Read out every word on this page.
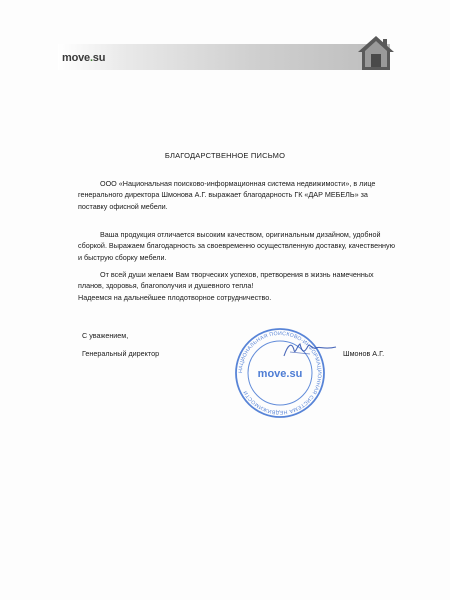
move.su
БЛАГОДАРСТВЕННОЕ ПИСЬМО

ООО «Национальная поисково-информационная система недвижимости», в лице генерального директора Шмонова А.Г. выражает благодарность ГК «ДАР МЕБЕЛЬ» за поставку офисной мебели.

Ваша продукция отличается высоким качеством, оригинальным дизайном, удобной сборкой. Выражаем благодарность за своевременно осуществленную доставку, качественную и быструю сборку мебели.

От всей души желаем Вам творческих успехов, претворения в жизнь намеченных планов, здоровья, благополучия и душевного тепла!
Надеемся на дальнейшее плодотворное сотрудничество.

С уважением,
Генеральный директор	Шмонов А.Г.
НАЦИОНАЛЬНАЯ ПОИСКОВО-ИНФОРМАЦИОННАЯ СИСТЕМА НЕДВИЖИМОСТИ
move.su
